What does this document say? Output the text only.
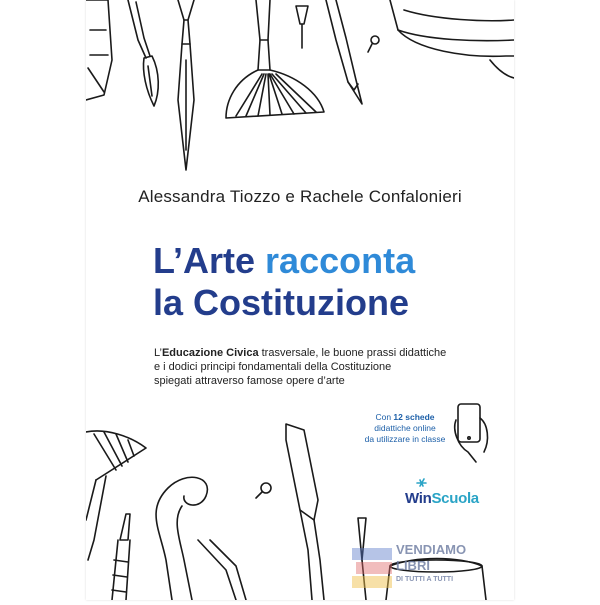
Alessandra Tiozzo e Rachele Confalonieri
L’Arte racconta
la Costituzione
L’Educazione Civica trasversale, le buone prassi didattiche
e i dodici principi fondamentali della Costituzione
spiegati attraverso famose opere d’arte
Con 12 schede
didattiche online
da utilizzare in classe
WinScuola
VENDIAMO
LIBRI
DI TUTTI A TUTTI
